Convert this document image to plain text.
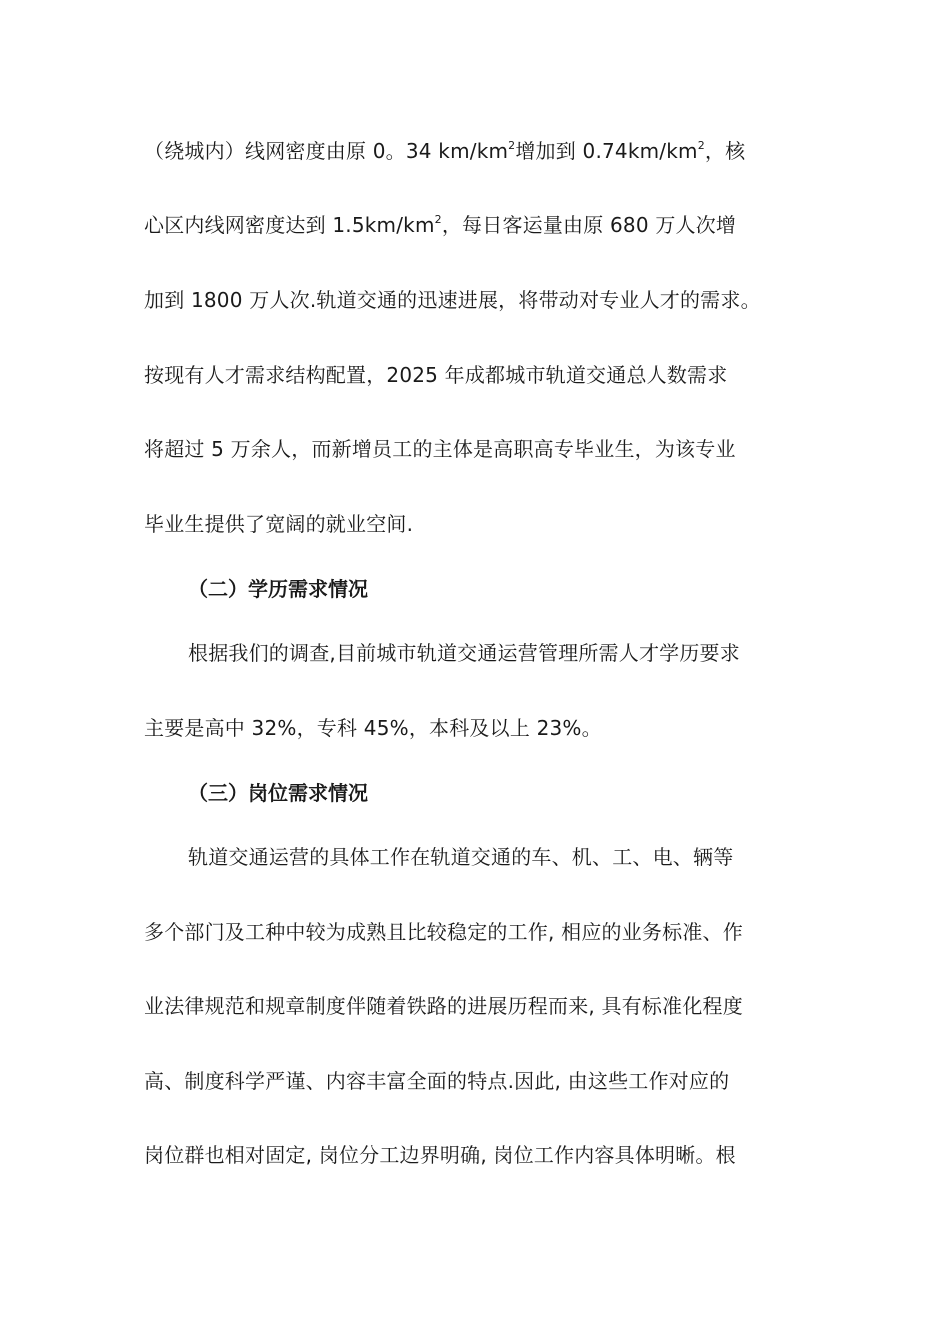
（绕城内）线网密度由原 0。34 $km/km^2$增加到 $0.74km/km^2$，核
心区内线网密度达到 $1.5km/km^2$，每日客运量由原 680 万人次增
加到 1800 万人次.轨道交通的迅速进展，将带动对专业人才的需求。
按现有人才需求结构配置，2025 年成都城市轨道交通总人数需求
将超过 5 万余人，而新增员工的主体是高职高专毕业生，为该专业
毕业生提供了宽阔的就业空间.
（二）学历需求情况
根据我们的调查,目前城市轨道交通运营管理所需人才学历要求
主要是高中 32%，专科 45%，本科及以上 23%。
（三）岗位需求情况
轨道交通运营的具体工作在轨道交通的车、机、工、电、辆等
多个部门及工种中较为成熟且比较稳定的工作, 相应的业务标准、作
业法律规范和规章制度伴随着铁路的进展历程而来, 具有标准化程度
高、制度科学严谨、内容丰富全面的特点.因此, 由这些工作对应的
岗位群也相对固定, 岗位分工边界明确, 岗位工作内容具体明晰。根
